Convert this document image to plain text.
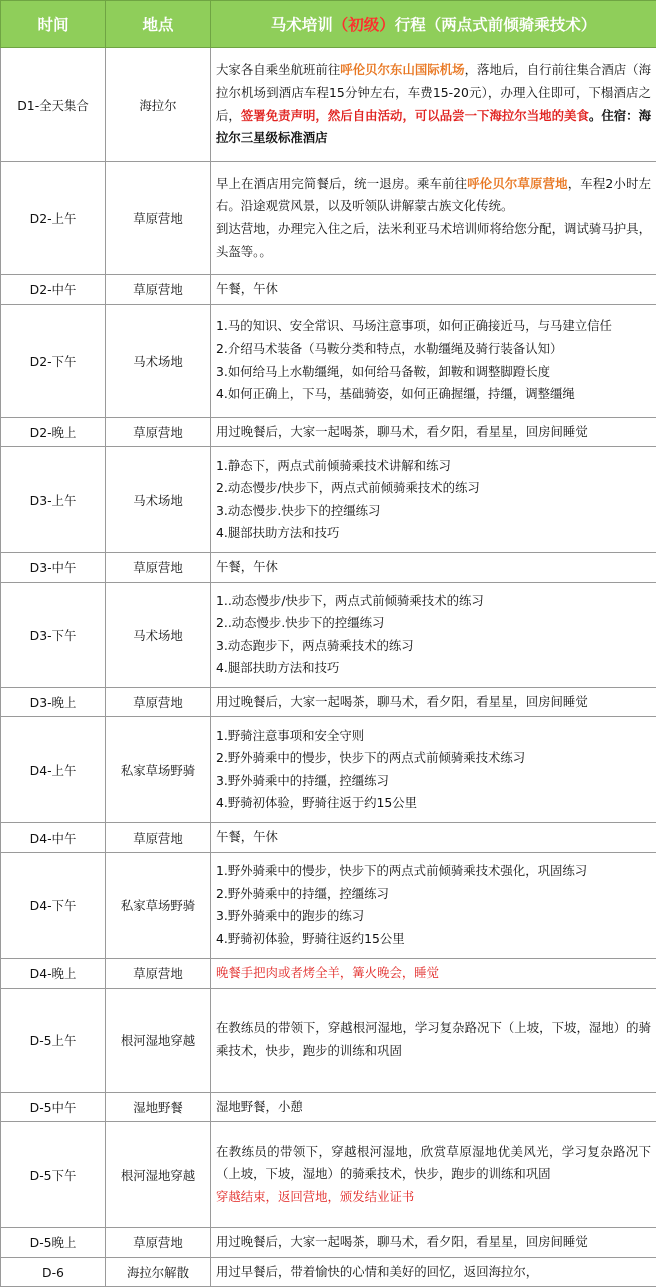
时间	地点	马术培训（初级）行程（两点式前倾骑乘技术）
D1-全天集合	海拉尔	大家各自乘坐航班前往呼伦贝尔东山国际机场，落地后，自行前往集合酒店（海拉尔机场到酒店车程15分钟左右，车费15-20元），办理入住即可，下榻酒店之后，签署免责声明，然后自由活动，可以品尝一下海拉尔当地的美食。住宿：海拉尔三星级标准酒店
D2-上午	草原营地	早上在酒店用完简餐后，统一退房。乘车前往呼伦贝尔草原营地，车程2小时左右。沿途观赏风景，以及听领队讲解蒙古族文化传统。
到达营地，办理完入住之后，法米利亚马术培训师将给您分配，调试骑马护具，头盔等。。

D2-中午	草原营地	午餐，午休
D2-下午	马术场地	1.马的知识、安全常识、马场注意事项，如何正确接近马，与马建立信任
2.介绍马术装备（马鞍分类和特点，水勒缰绳及骑行装备认知）
3.如何给马上水勒缰绳，如何给马备鞍，卸鞍和调整脚蹬长度
4.如何正确上，下马，基础骑姿，如何正确握缰，持缰，调整缰绳

D2-晚上	草原营地	用过晚餐后，大家一起喝茶，聊马术，看夕阳，看星星，回房间睡觉
D3-上午	马术场地	1.静态下，两点式前倾骑乘技术讲解和练习
2.动态慢步/快步下，两点式前倾骑乘技术的练习
3.动态慢步.快步下的控缰练习
4.腿部扶助方法和技巧

D3-中午	草原营地	午餐，午休
D3-下午	马术场地	1..动态慢步/快步下，两点式前倾骑乘技术的练习
2..动态慢步.快步下的控缰练习
3.动态跑步下，两点骑乘技术的练习
4.腿部扶助方法和技巧

D3-晚上	草原营地	用过晚餐后，大家一起喝茶，聊马术，看夕阳，看星星，回房间睡觉
D4-上午	私家草场野骑	1.野骑注意事项和安全守则
2.野外骑乘中的慢步，快步下的两点式前倾骑乘技术练习
3.野外骑乘中的持缰，控缰练习
4.野骑初体验，野骑往返于约15公里

D4-中午	草原营地	午餐，午休
D4-下午	私家草场野骑	1.野外骑乘中的慢步，快步下的两点式前倾骑乘技术强化，巩固练习
2.野外骑乘中的持缰，控缰练习
3.野外骑乘中的跑步的练习
4.野骑初体验，野骑往返约15公里

D4-晚上	草原营地	晚餐手把肉或者烤全羊，篝火晚会，睡觉
D-5上午	根河湿地穿越	在教练员的带领下，穿越根河湿地，学习复杂路况下（上坡，下坡，湿地）的骑乘技术，快步，跑步的训练和巩固
D-5中午	湿地野餐	湿地野餐，小憩
D-5下午	根河湿地穿越	在教练员的带领下，穿越根河湿地，欣赏草原湿地优美风光，学习复杂路况下（上坡，下坡，湿地）的骑乘技术，快步，跑步的训练和巩固
穿越结束，返回营地，颁发结业证书

D-5晚上	草原营地	用过晚餐后，大家一起喝茶，聊马术，看夕阳，看星星，回房间睡觉
D-6	海拉尔解散	用过早餐后，带着愉快的心情和美好的回忆，返回海拉尔，
